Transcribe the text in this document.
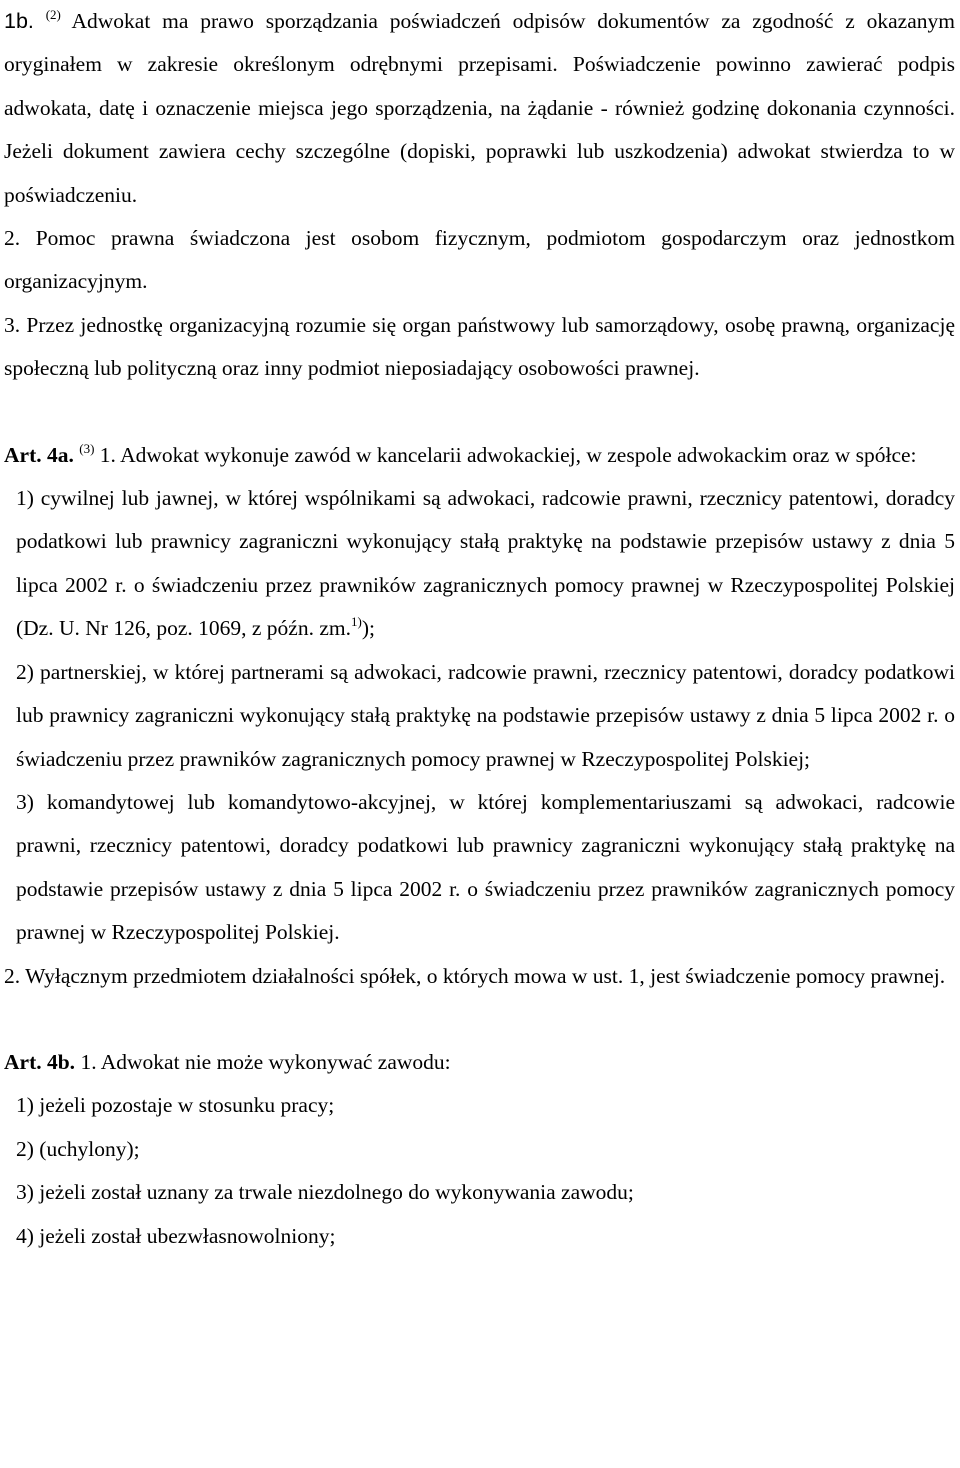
1b. $^{(2)}$ Adwokat ma prawo sporządzania poświadczeń odpisów dokumentów za zgodność z okazanym oryginałem w zakresie określonym odrębnymi przepisami. Poświadczenie powinno zawierać podpis adwokata, datę i oznaczenie miejsca jego sporządzenia, na żądanie - również godzinę dokonania czynności. Jeżeli dokument zawiera cechy szczególne (dopiski, poprawki lub uszkodzenia) adwokat stwierdza to w poświadczeniu.

2. Pomoc prawna świadczona jest osobom fizycznym, podmiotom gospodarczym oraz jednostkom organizacyjnym.

3. Przez jednostkę organizacyjną rozumie się organ państwowy lub samorządowy, osobę prawną, organizację społeczną lub polityczną oraz inny podmiot nieposiadający osobowości prawnej.

Art. 4a. $^{(3)}$ 1. Adwokat wykonuje zawód w kancelarii adwokackiej, w zespole adwokackim oraz w spółce:

1) cywilnej lub jawnej, w której wspólnikami są adwokaci, radcowie prawni, rzecznicy patentowi, doradcy podatkowi lub prawnicy zagraniczni wykonujący stałą praktykę na podstawie przepisów ustawy z dnia 5 lipca 2002 r. o świadczeniu przez prawników zagranicznych pomocy prawnej w Rzeczypospolitej Polskiej (Dz. U. Nr 126, poz. 1069, z późn. zm.$^{1)}$);

2) partnerskiej, w której partnerami są adwokaci, radcowie prawni, rzecznicy patentowi, doradcy podatkowi lub prawnicy zagraniczni wykonujący stałą praktykę na podstawie przepisów ustawy z dnia 5 lipca 2002 r. o świadczeniu przez prawników zagranicznych pomocy prawnej w Rzeczypospolitej Polskiej;

3) komandytowej lub komandytowo-akcyjnej, w której komplementariuszami są adwokaci, radcowie prawni, rzecznicy patentowi, doradcy podatkowi lub prawnicy zagraniczni wykonujący stałą praktykę na podstawie przepisów ustawy z dnia 5 lipca 2002 r. o świadczeniu przez prawników zagranicznych pomocy prawnej w Rzeczypospolitej Polskiej.

2. Wyłącznym przedmiotem działalności spółek, o których mowa w ust. 1, jest świadczenie pomocy prawnej.

Art. 4b. 1. Adwokat nie może wykonywać zawodu:

1) jeżeli pozostaje w stosunku pracy;

2) (uchylony);

3) jeżeli został uznany za trwale niezdolnego do wykonywania zawodu;

4) jeżeli został ubezwłasnowolniony;
